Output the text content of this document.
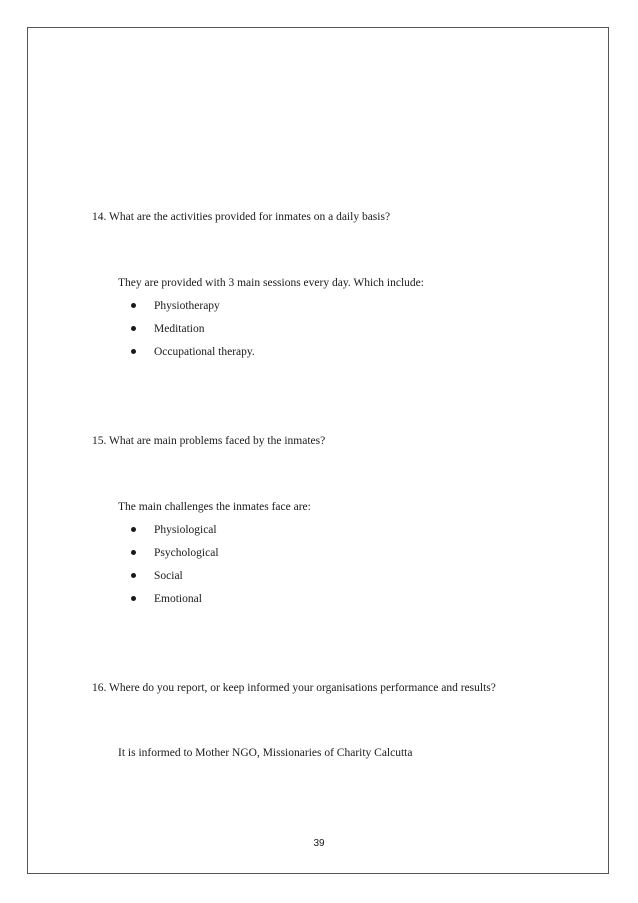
14. What are the activities provided for inmates on a daily basis?
They are provided with 3 main sessions every day. Which include:
Physiotherapy
Meditation
Occupational therapy.
15. What are main problems faced by the inmates?
The main challenges the inmates face are:
Physiological
Psychological
Social
Emotional
16. Where do you report, or keep informed your organisations performance and results?
It is informed to Mother NGO, Missionaries of Charity Calcutta
39
